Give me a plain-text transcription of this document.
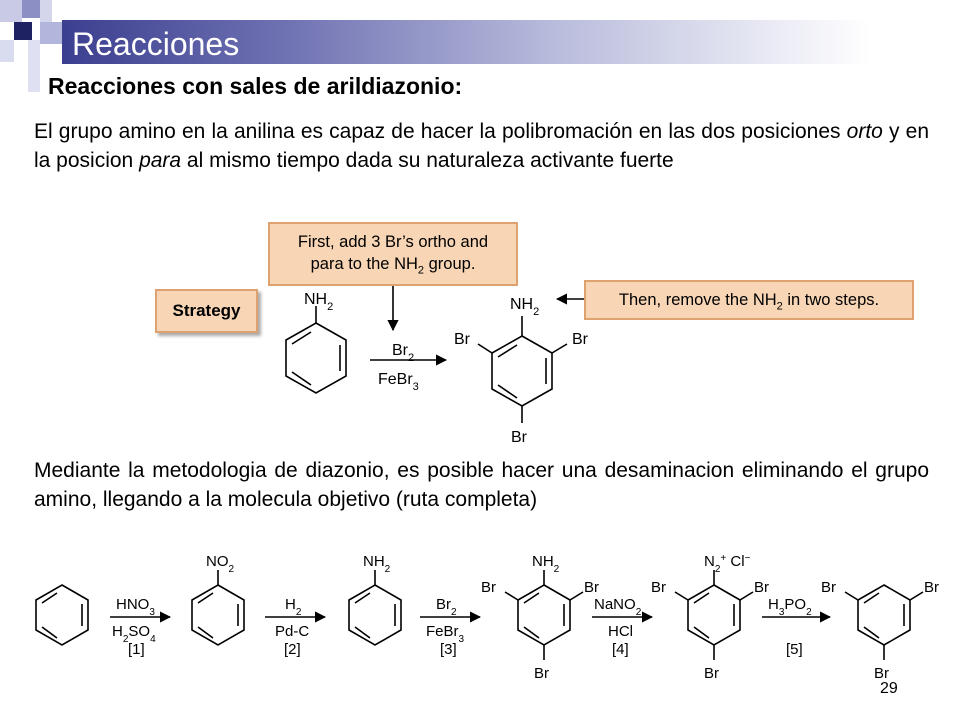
Reacciones
Reacciones con sales de arildiazonio:
El grupo amino en la anilina es capaz de hacer la polibromación en las dos posiciones orto y en la posicion para al mismo tiempo dada su naturaleza activante fuerte
First, add 3 Br’s ortho and
para to the $NH_2$ group.
Then, remove the $NH_2$ in two steps.
Strategy
$NH_2$
$Br_2$
FeBr$_3$
$NH_2$
Br	Br
Br
$NO_2$	$NH_2$	$NH_2$	$N_2^+$ Cl−
$HNO_3$
$H_2SO_4$
[1]
$H_2$
Pd-C
[2]
$Br_2$
FeBr$_3$
[3]
NaNO$_2$
HCl
[4]
$H_3PO_2$
[5]
Br	Br
Br
Br	Br
Br
Br	Br
Br
Mediante la metodologia de diazonio, es posible hacer una desaminacion eliminando el grupo amino, llegando a la molecula objetivo (ruta completa)
29
